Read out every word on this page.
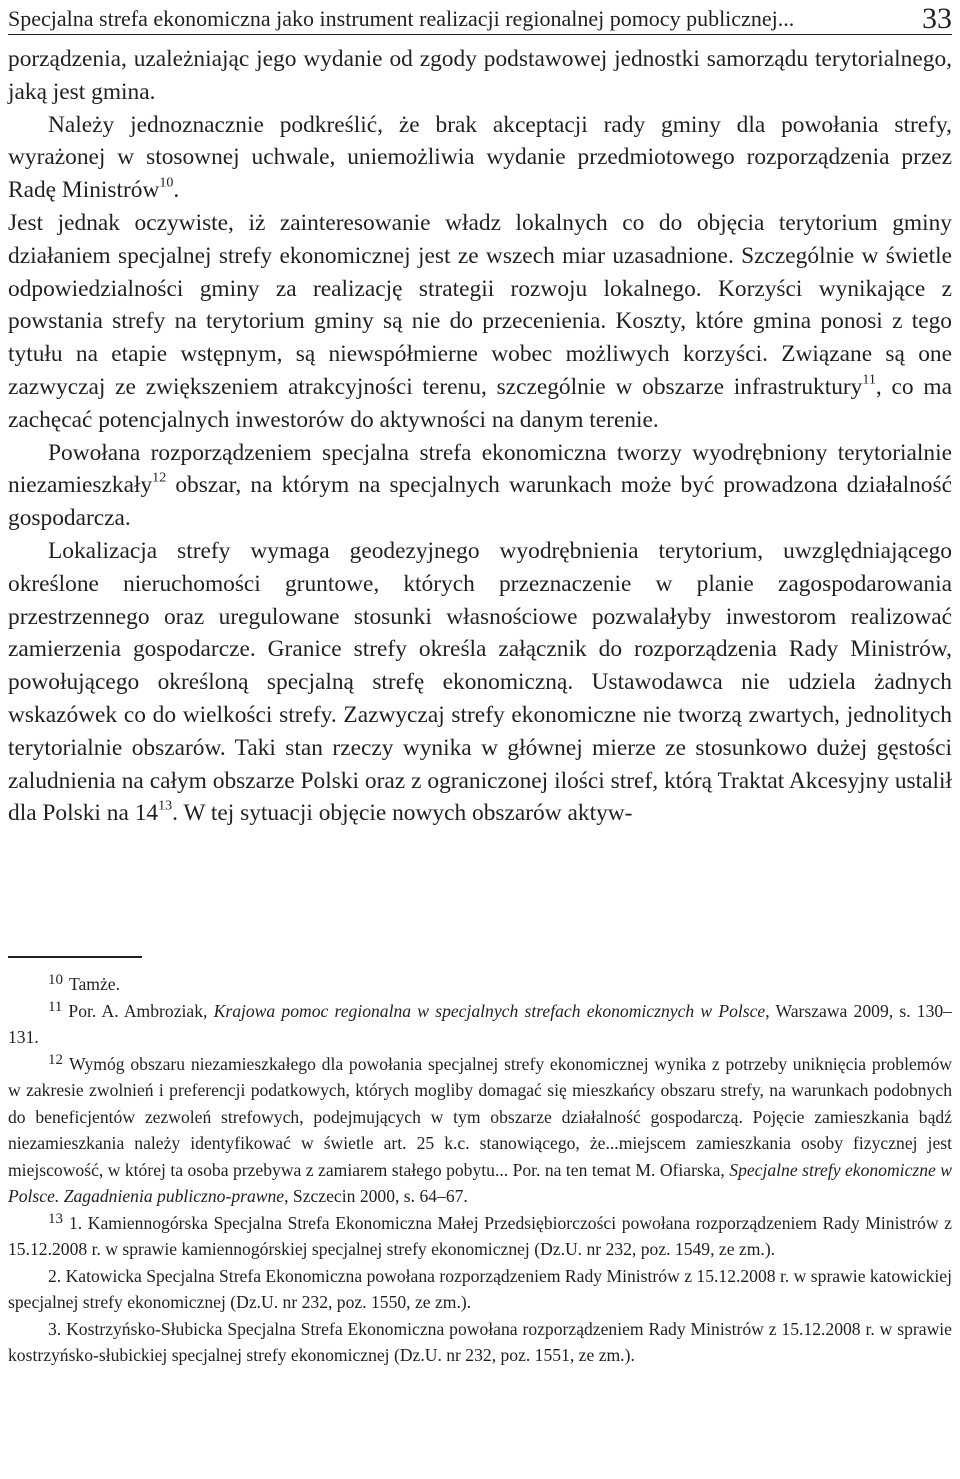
Specjalna strefa ekonomiczna jako instrument realizacji regionalnej pomocy publicznej...	33

porządzenia, uzależniając jego wydanie od zgody podstawowej jednostki samorządu terytorialnego, jaką jest gmina.

Należy jednoznacznie podkreślić, że brak akceptacji rady gminy dla powołania strefy, wyrażonej w stosownej uchwale, uniemożliwia wydanie przedmiotowego rozporządzenia przez Radę Ministrów$^{10}$.

Jest jednak oczywiste, iż zainteresowanie władz lokalnych co do objęcia terytorium gminy działaniem specjalnej strefy ekonomicznej jest ze wszech miar uzasadnione. Szczególnie w świetle odpowiedzialności gminy za realizację strategii rozwoju lokalnego. Korzyści wynikające z powstania strefy na terytorium gminy są nie do przecenienia. Koszty, które gmina ponosi z tego tytułu na etapie wstępnym, są niewspółmierne wobec możliwych korzyści. Związane są one zazwyczaj ze zwiększeniem atrakcyjności terenu, szczególnie w obszarze infrastruktury$^{11}$, co ma zachęcać potencjalnych inwestorów do aktywności na danym terenie.

Powołana rozporządzeniem specjalna strefa ekonomiczna tworzy wyodrębniony terytorialnie niezamieszkały$^{12}$ obszar, na którym na specjalnych warunkach może być prowadzona działalność gospodarcza.

Lokalizacja strefy wymaga geodezyjnego wyodrębnienia terytorium, uwzględniającego określone nieruchomości gruntowe, których przeznaczenie w planie zagospodarowania przestrzennego oraz uregulowane stosunki własnościowe pozwalałyby inwestorom realizować zamierzenia gospodarcze. Granice strefy określa załącznik do rozporządzenia Rady Ministrów, powołującego określoną specjalną strefę ekonomiczną. Ustawodawca nie udziela żadnych wskazówek co do wielkości strefy. Zazwyczaj strefy ekonomiczne nie tworzą zwartych, jednolitych terytorialnie obszarów. Taki stan rzeczy wynika w głównej mierze ze stosunkowo dużej gęstości zaludnienia na całym obszarze Polski oraz z ograniczonej ilości stref, którą Traktat Akcesyjny ustalił dla Polski na $14^{13}$. W tej sytuacji objęcie nowych obszarów aktyw-

$^{10}$ Tamże.

$^{11}$ Por. A. Ambroziak, Krajowa pomoc regionalna w specjalnych strefach ekonomicznych w Polsce, Warszawa 2009, s. 130–131.

$^{12}$ Wymóg obszaru niezamieszkałego dla powołania specjalnej strefy ekonomicznej wynika z potrzeby uniknięcia problemów w zakresie zwolnień i preferencji podatkowych, których mogliby domagać się mieszkańcy obszaru strefy, na warunkach podobnych do beneficjentów zezwoleń strefowych, podejmujących w tym obszarze działalność gospodarczą. Pojęcie zamieszkania bądź niezamieszkania należy identyfikować w świetle art. 25 k.c. stanowiącego, że...miejscem zamieszkania osoby fizycznej jest miejscowość, w której ta osoba przebywa z zamiarem stałego pobytu... Por. na ten temat M. Ofiarska, Specjalne strefy ekonomiczne w Polsce. Zagadnienia publiczno-prawne, Szczecin 2000, s. 64–67.

$^{13}$ 1. Kamiennogórska Specjalna Strefa Ekonomiczna Małej Przedsiębiorczości powołana rozporządzeniem Rady Ministrów z 15.12.2008 r. w sprawie kamiennogórskiej specjalnej strefy ekonomicznej (Dz.U. nr 232, poz. 1549, ze zm.).

2. Katowicka Specjalna Strefa Ekonomiczna powołana rozporządzeniem Rady Ministrów z 15.12.2008 r. w sprawie katowickiej specjalnej strefy ekonomicznej (Dz.U. nr 232, poz. 1550, ze zm.).

3. Kostrzyńsko-Słubicka Specjalna Strefa Ekonomiczna powołana rozporządzeniem Rady Ministrów z 15.12.2008 r. w sprawie kostrzyńsko-słubickiej specjalnej strefy ekonomicznej (Dz.U. nr 232, poz. 1551, ze zm.).
